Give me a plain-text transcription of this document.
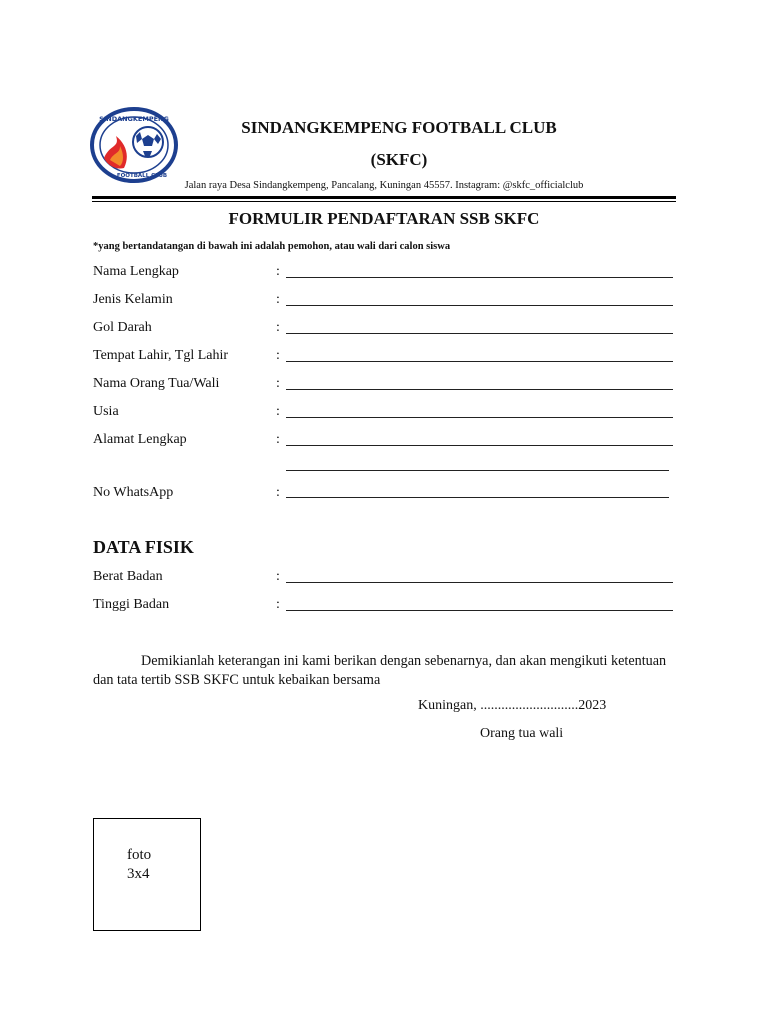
SINDANGKEMPENG
FOOTBALL CLUB
SINDANGKEMPENG FOOTBALL CLUB
(SKFC)
Jalan raya Desa Sindangkempeng, Pancalang, Kuningan 45557. Instagram: @skfc_officialclub
FORMULIR PENDAFTARAN SSB SKFC
*yang bertandatangan di bawah ini adalah pemohon, atau wali dari calon siswa
Nama Lengkap	:
Jenis Kelamin	:
Gol Darah	:
Tempat Lahir, Tgl Lahir	:
Nama Orang Tua/Wali	:
Usia	:
Alamat Lengkap	:
No WhatsApp	:
DATA FISIK
Berat Badan	:
Tinggi Badan	:
Demikianlah keterangan ini kami berikan dengan sebenarnya, dan akan mengikuti ketentuan dan tata tertib SSB SKFC untuk kebaikan bersama
Kuningan, ............................2023
Orang tua wali
foto
3x4
